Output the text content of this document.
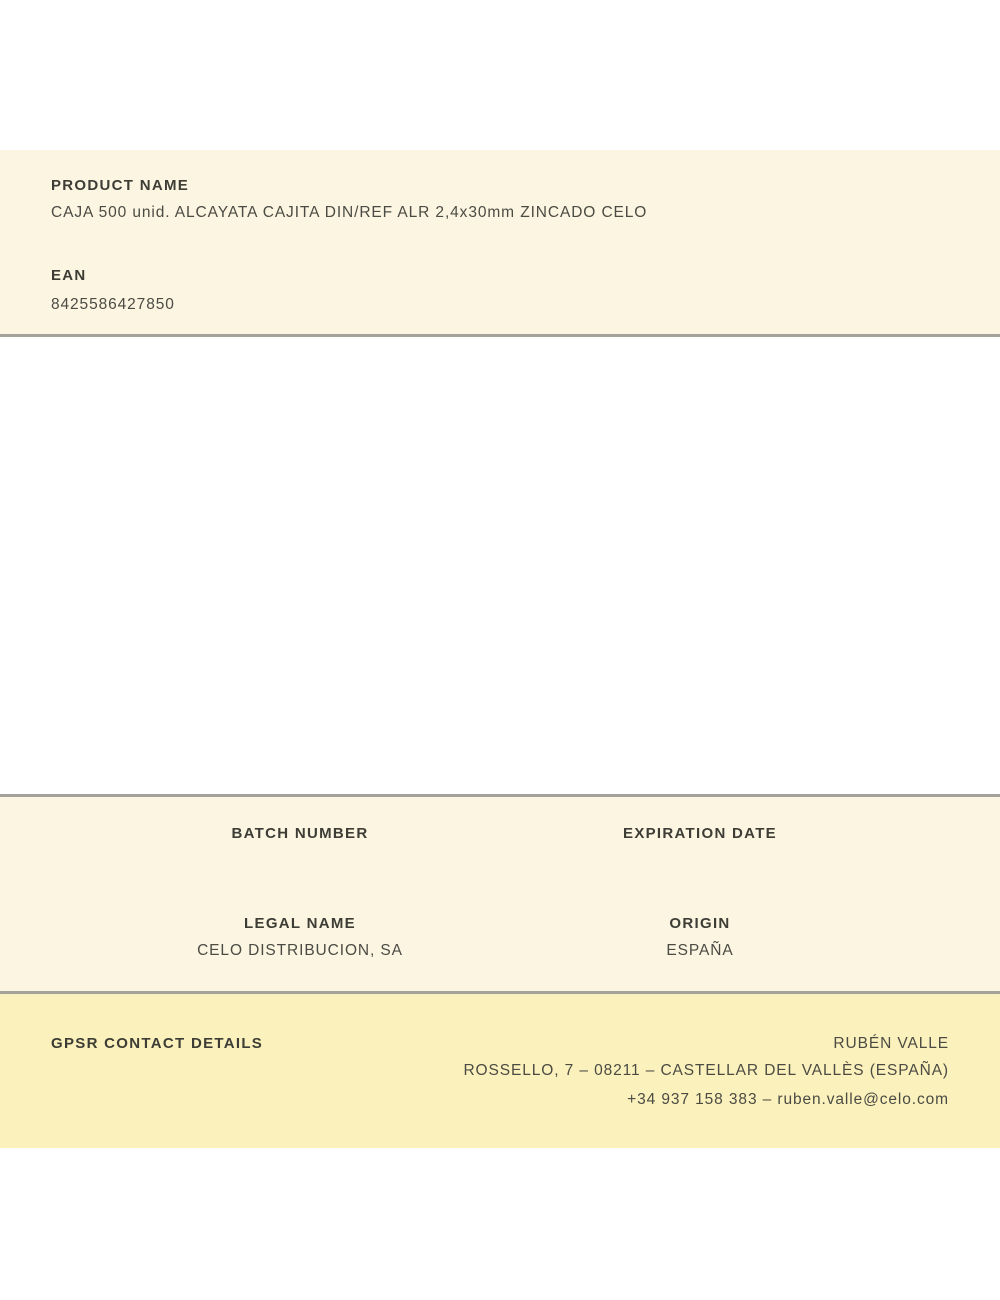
PRODUCT NAME
CAJA 500 unid. ALCAYATA CAJITA DIN/REF ALR 2,4x30mm ZINCADO CELO
EAN
8425586427850
BATCH NUMBER
LEGAL NAME
CELO DISTRIBUCION, SA
EXPIRATION DATE
ORIGIN
ESPAÑA
GPSR CONTACT DETAILS	RUBÉN VALLE
ROSSELLO, 7 – 08211 – CASTELLAR DEL VALLÈS (ESPAÑA)
+34 937 158 383 – ruben.valle@celo.com
